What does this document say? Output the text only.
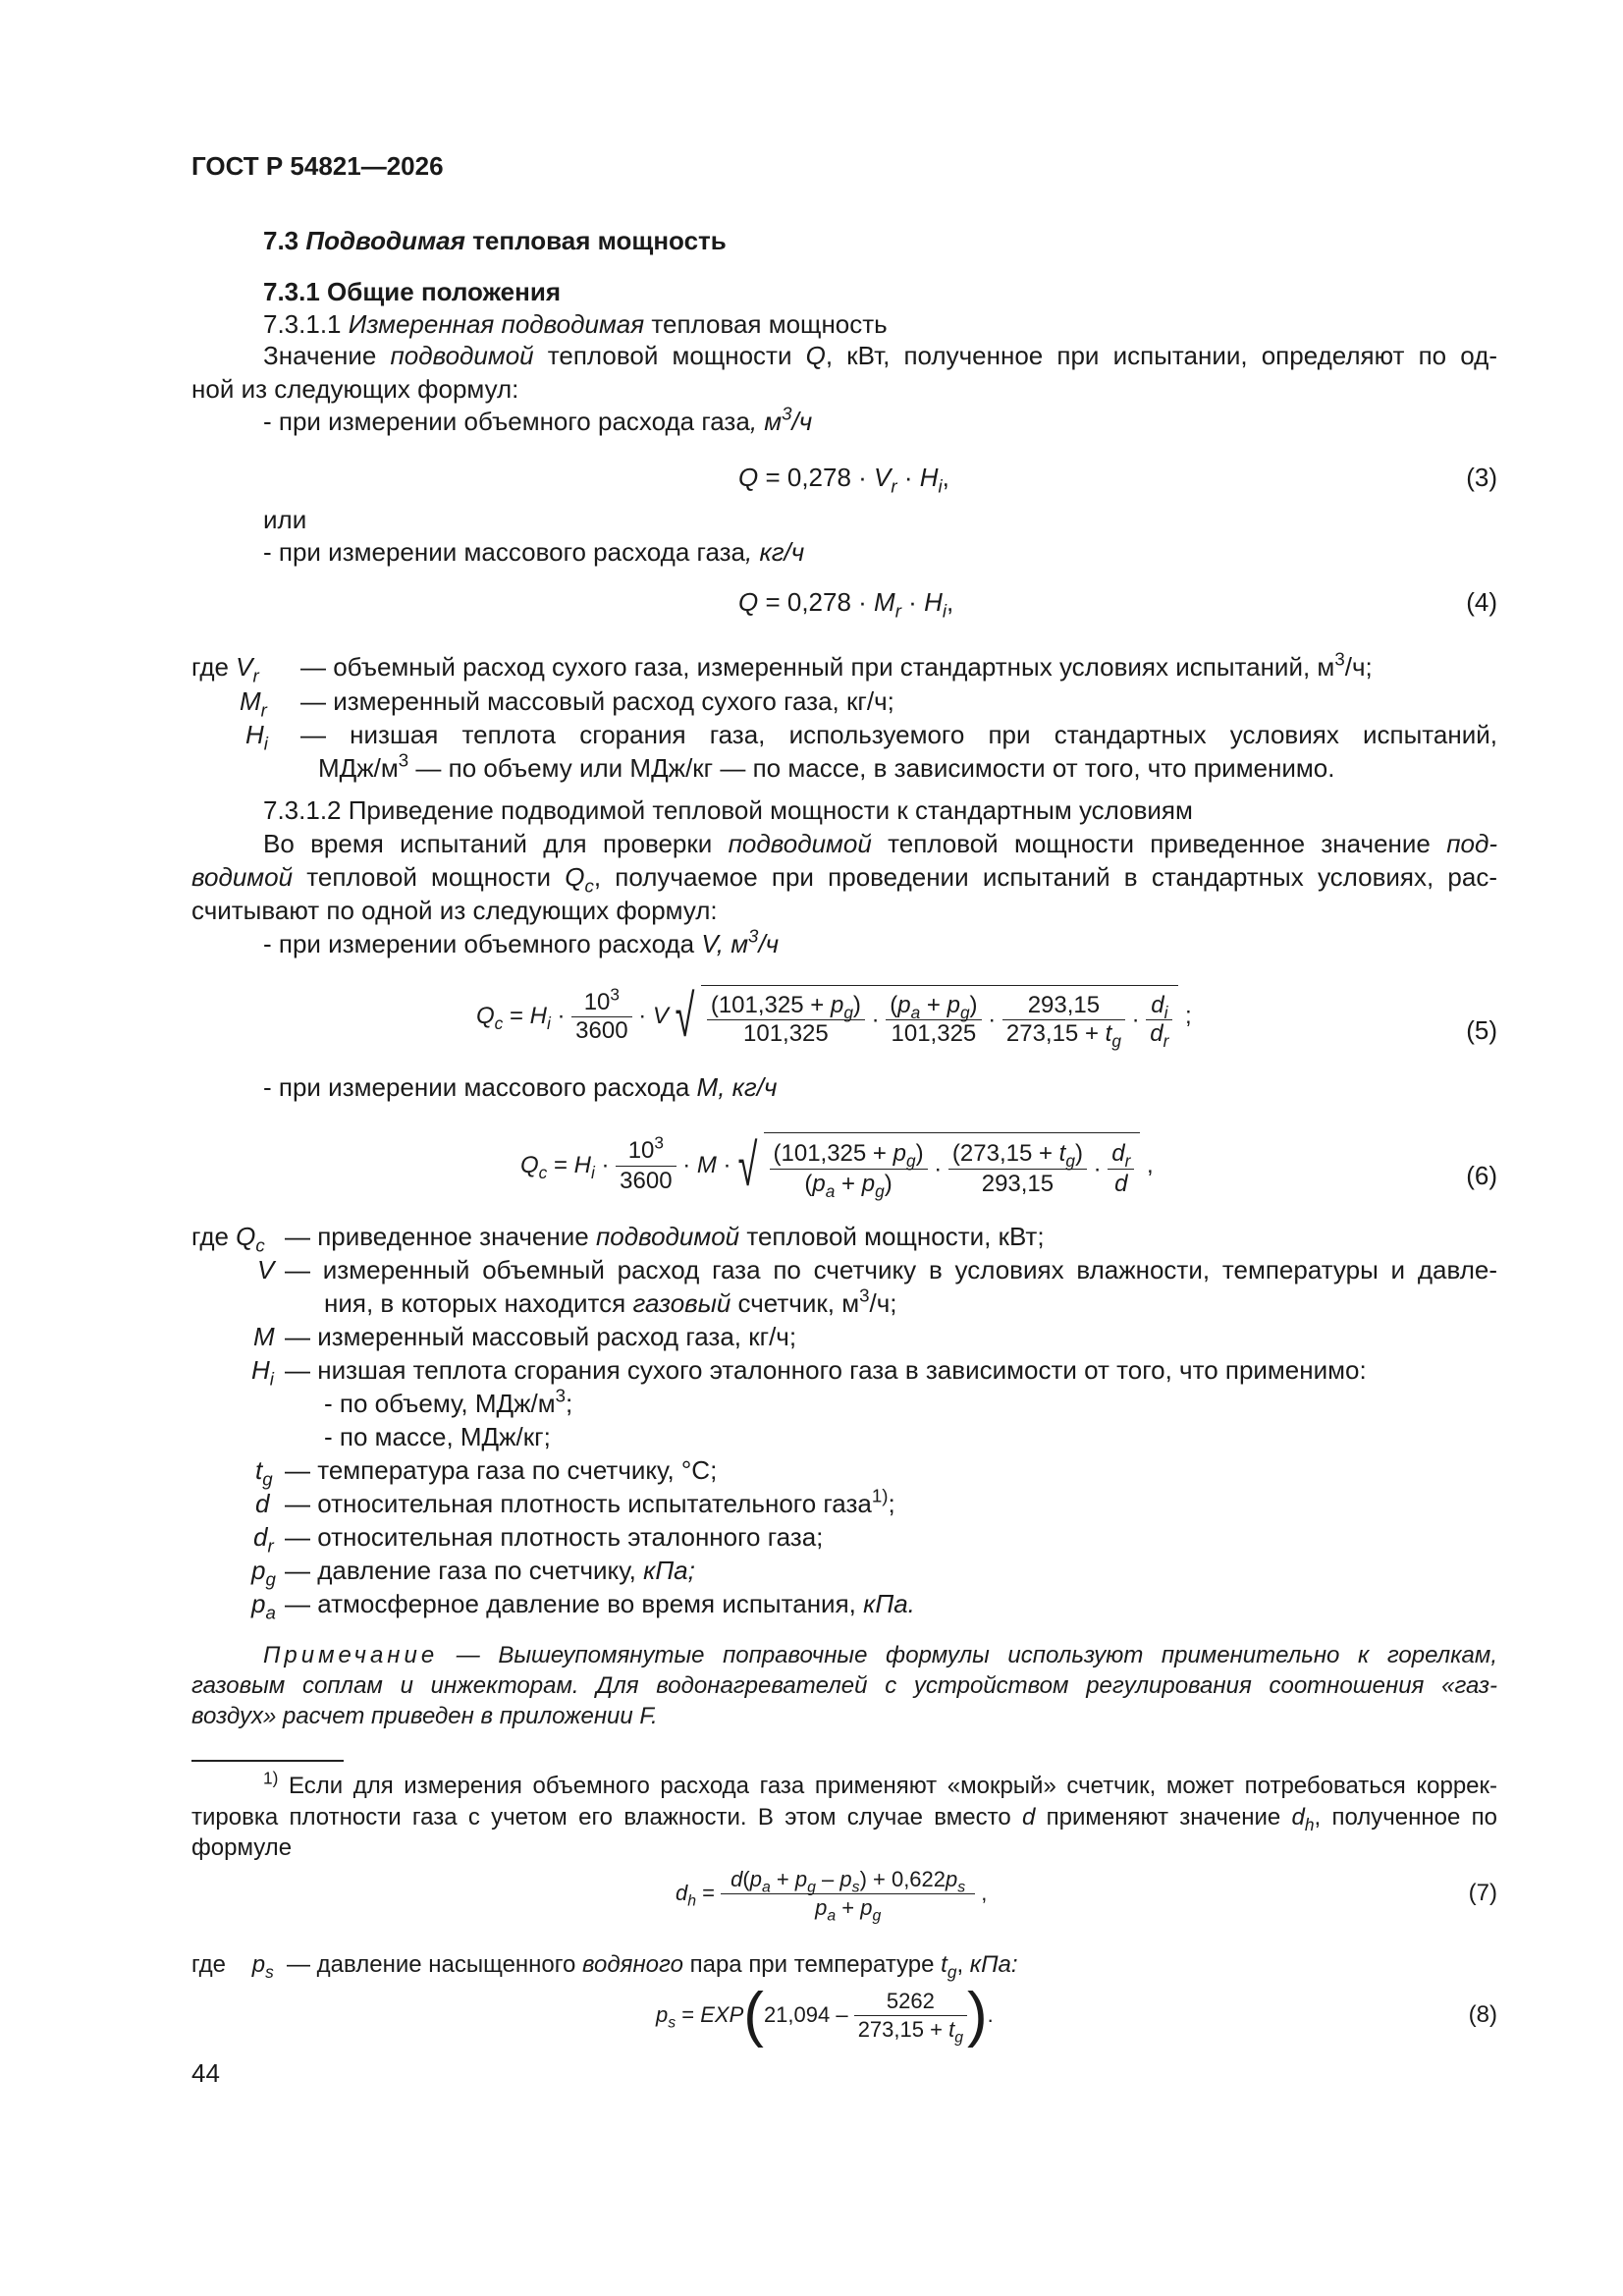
ГОСТ Р 54821—2026
7.3 Подводимая тепловая мощность
7.3.1 Общие положения
7.3.1.1 Измеренная подводимая тепловая мощность
Значение подводимой тепловой мощности Q, кВт, полученное при испытании, определяют по од-
ной из следующих формул:
- при измерении объемного расхода газа, $м^3/ч$
$Q = 0,278 \cdot V_r \cdot H_i$,	(3)
или
- при измерении массового расхода газа, кг/ч
$Q = 0,278 \cdot M_r \cdot H_i$,	(4)
где $V_r$ — объемный расход сухого газа, измеренный при стандартных условиях испытаний, $м^3/ч$;
$M_r$ — измеренный массовый расход сухого газа, кг/ч;
$H_i$ — низшая теплота сгорания газа, используемого при стандартных условиях испытаний,
МДж/$м^3$ — по объему или МДж/кг — по массе, в зависимости от того, что применимо.
7.3.1.2 Приведение подводимой тепловой мощности к стандартным условиям
Во время испытаний для проверки подводимой тепловой мощности приведенное значение под-
водимой тепловой мощности $Q_c$, получаемое при проведении испытаний в стандартных условиях, рас-
считывают по одной из следующих формул:
- при измерении объемного расхода V, $м^3/ч$
$Q_c = H_i \cdot \frac{10^3}{3600} \cdot V$ √ $\frac{(101,325 + p_g)}{101,325} \cdot \frac{(p_a + p_g)}{101,325} \cdot \frac{293,15}{273,15 + t_g} \cdot \frac{d_i}{d_r}$ ;	(5)
- при измерении массового расхода M, кг/ч
$Q_c = H_i \cdot \frac{10^3}{3600} \cdot M$ · √ $\frac{(101,325 + p_g)}{(p_a + p_g)} \cdot \frac{(273,15 + t_g)}{293,15} \cdot \frac{d_r}{d}$ ,	(6)
где $Q_c$ — приведенное значение подводимой тепловой мощности, кВт;
V — измеренный объемный расход газа по счетчику в условиях влажности, температуры и давле-
ния, в которых находится газовый счетчик, $м^3/ч$;
M — измеренный массовый расход газа, кг/ч;
$H_i$ — низшая теплота сгорания сухого эталонного газа в зависимости от того, что применимо:
- по объему, МДж/$м^3$;
- по массе, МДж/кг;
$t_g$ — температура газа по счетчику, °С;
d — относительная плотность испытательного газа$^{1)}$;
$d_r$ — относительная плотность эталонного газа;
$p_g$ — давление газа по счетчику, кПа;
$p_a$ — атмосферное давление во время испытания, кПа.
Примечание — Вышеупомянутые поправочные формулы используют применительно к горелкам,
газовым соплам и инжекторам. Для водонагревателей с устройством регулирования соотношения «газ-
воздух» расчет приведен в приложении F.
$^{1)}$ Если для измерения объемного расхода газа применяют «мокрый» счетчик, может потребоваться коррек-
тировка плотности газа с учетом его влажности. В этом случае вместо d применяют значение $d_h$, полученное по
формуле
$d_h = \frac{d(p_a + p_g - p_s) + 0,622p_s}{p_a + p_g}$ ,	(7)
где    $p_s$ — давление насыщенного водяного пара при температуре $t_g$, кПа:
$p_s$ = EXP ( $21,094 - \frac{5262}{273,15 + t_g}$ ) .	(8)
44
